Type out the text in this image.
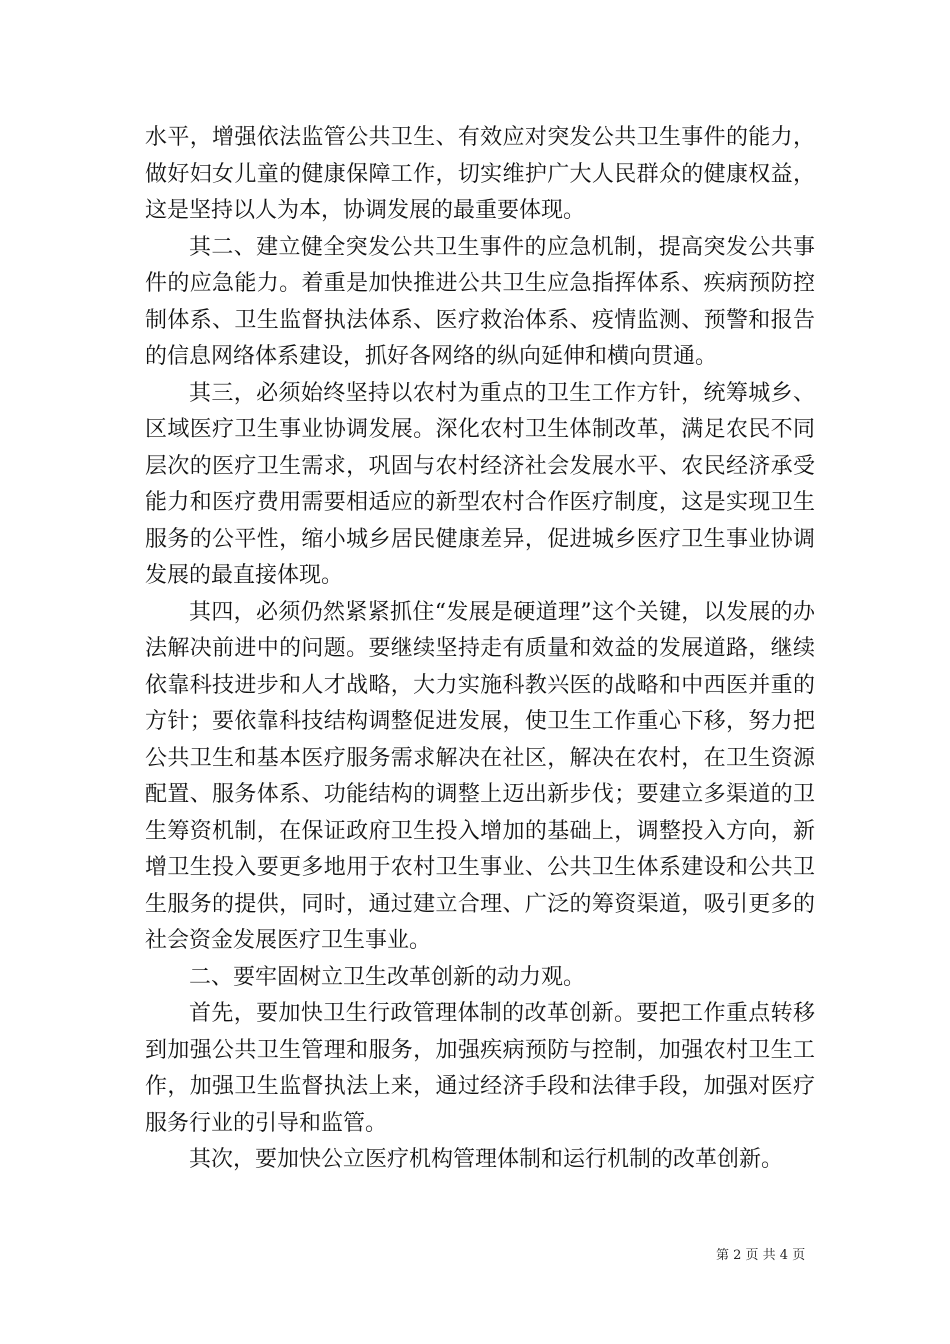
水平，增强依法监管公共卫生、有效应对突发公共卫生事件的能力，做好妇女儿童的健康保障工作，切实维护广大人民群众的健康权益，这是坚持以人为本，协调发展的最重要体现。

其二、建立健全突发公共卫生事件的应急机制，提高突发公共事件的应急能力。着重是加快推进公共卫生应急指挥体系、疾病预防控制体系、卫生监督执法体系、医疗救治体系、疫情监测、预警和报告的信息网络体系建设，抓好各网络的纵向延伸和横向贯通。

其三，必须始终坚持以农村为重点的卫生工作方针，统筹城乡、区域医疗卫生事业协调发展。深化农村卫生体制改革，满足农民不同层次的医疗卫生需求，巩固与农村经济社会发展水平、农民经济承受能力和医疗费用需要相适应的新型农村合作医疗制度，这是实现卫生服务的公平性，缩小城乡居民健康差异，促进城乡医疗卫生事业协调发展的最直接体现。

其四，必须仍然紧紧抓住“发展是硬道理”这个关键，以发展的办法解决前进中的问题。要继续坚持走有质量和效益的发展道路，继续依靠科技进步和人才战略，大力实施科教兴医的战略和中西医并重的方针；要依靠科技结构调整促进发展，使卫生工作重心下移，努力把公共卫生和基本医疗服务需求解决在社区，解决在农村，在卫生资源配置、服务体系、功能结构的调整上迈出新步伐；要建立多渠道的卫生筹资机制，在保证政府卫生投入增加的基础上，调整投入方向，新增卫生投入要更多地用于农村卫生事业、公共卫生体系建设和公共卫生服务的提供，同时，通过建立合理、广泛的筹资渠道，吸引更多的社会资金发展医疗卫生事业。

二、要牢固树立卫生改革创新的动力观。

首先，要加快卫生行政管理体制的改革创新。要把工作重点转移到加强公共卫生管理和服务，加强疾病预防与控制，加强农村卫生工作，加强卫生监督执法上来，通过经济手段和法律手段，加强对医疗服务行业的引导和监管。

其次，要加快公立医疗机构管理体制和运行机制的改革创新。

第 2 页 共 4 页
